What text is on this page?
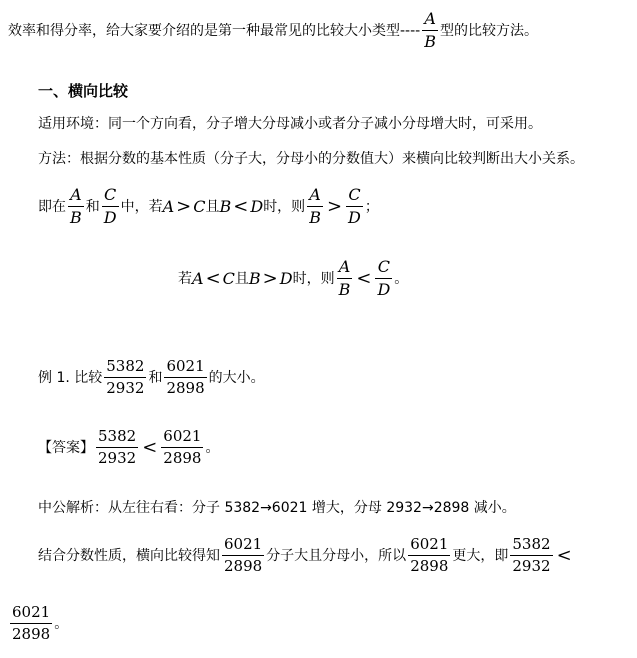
效率和得分率，给大家要介绍的是第一种最常见的比较大小类型---- $\frac{A}{B}$ 型的比较方法。
一、横向比较
适用环境：同一个方向看，分子增大分母减小或者分子减小分母增大时，可采用。
方法：根据分数的基本性质（分子大，分母小的分数值大）来横向比较判断出大小关系。
即在 $\frac{A}{B}$ 和 $\frac{C}{D}$ 中，若 A > C 且 B < D 时，则 $\frac{A}{B} > \frac{C}{D}$ ；
若 A < C 且 B > D 时，则 $\frac{A}{B} < \frac{C}{D}$ 。
例 1. 比较 $\frac{5382}{2932}$ 和 $\frac{6021}{2898}$ 的大小。
【答案】 $\frac{5382}{2932} < \frac{6021}{2898}$ 。
中公解析：从左往右看：分子 5382→6021 增大，分母 2932→2898 减小。
结合分数性质，横向比较得知 $\frac{6021}{2898}$ 分子大且分母小，所以 $\frac{6021}{2898}$ 更大，即 $\frac{5382}{2932}$ <
$\frac{6021}{2898}$ 。
